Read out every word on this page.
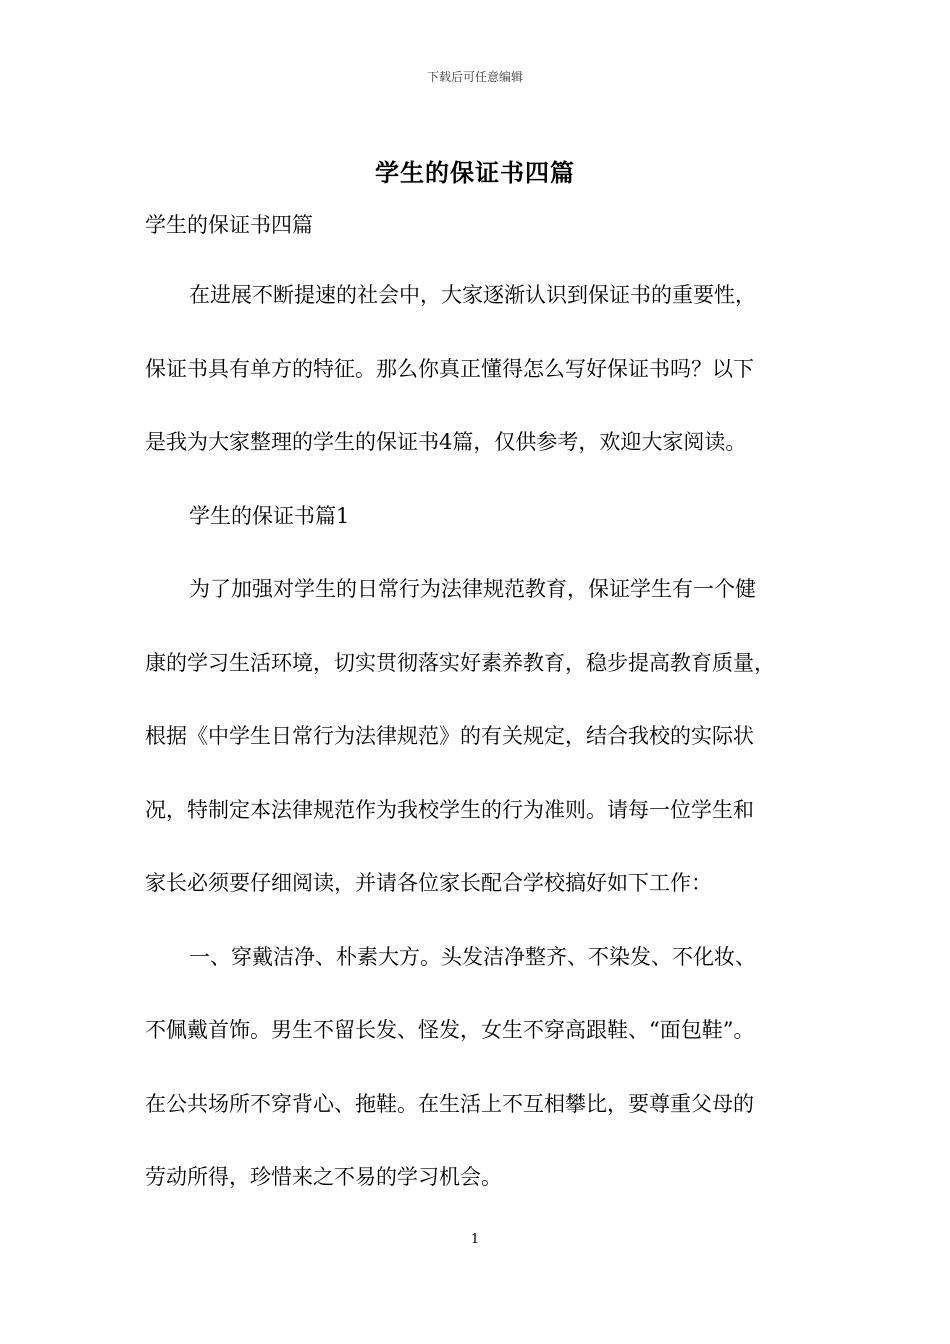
下载后可任意编辑
学生的保证书四篇
学生的保证书四篇
在进展不断提速的社会中，大家逐渐认识到保证书的重要性，
保证书具有单方的特征。那么你真正懂得怎么写好保证书吗？以下
是我为大家整理的学生的保证书4篇，仅供参考，欢迎大家阅读。
学生的保证书篇1
为了加强对学生的日常行为法律规范教育，保证学生有一个健
康的学习生活环境，切实贯彻落实好素养教育，稳步提高教育质量，
根据《中学生日常行为法律规范》的有关规定，结合我校的实际状
况，特制定本法律规范作为我校学生的行为准则。请每一位学生和
家长必须要仔细阅读，并请各位家长配合学校搞好如下工作：
一、穿戴洁净、朴素大方。头发洁净整齐、不染发、不化妆、
不佩戴首饰。男生不留长发、怪发，女生不穿高跟鞋、“面包鞋”。
在公共场所不穿背心、拖鞋。在生活上不互相攀比，要尊重父母的
劳动所得，珍惜来之不易的学习机会。
1
